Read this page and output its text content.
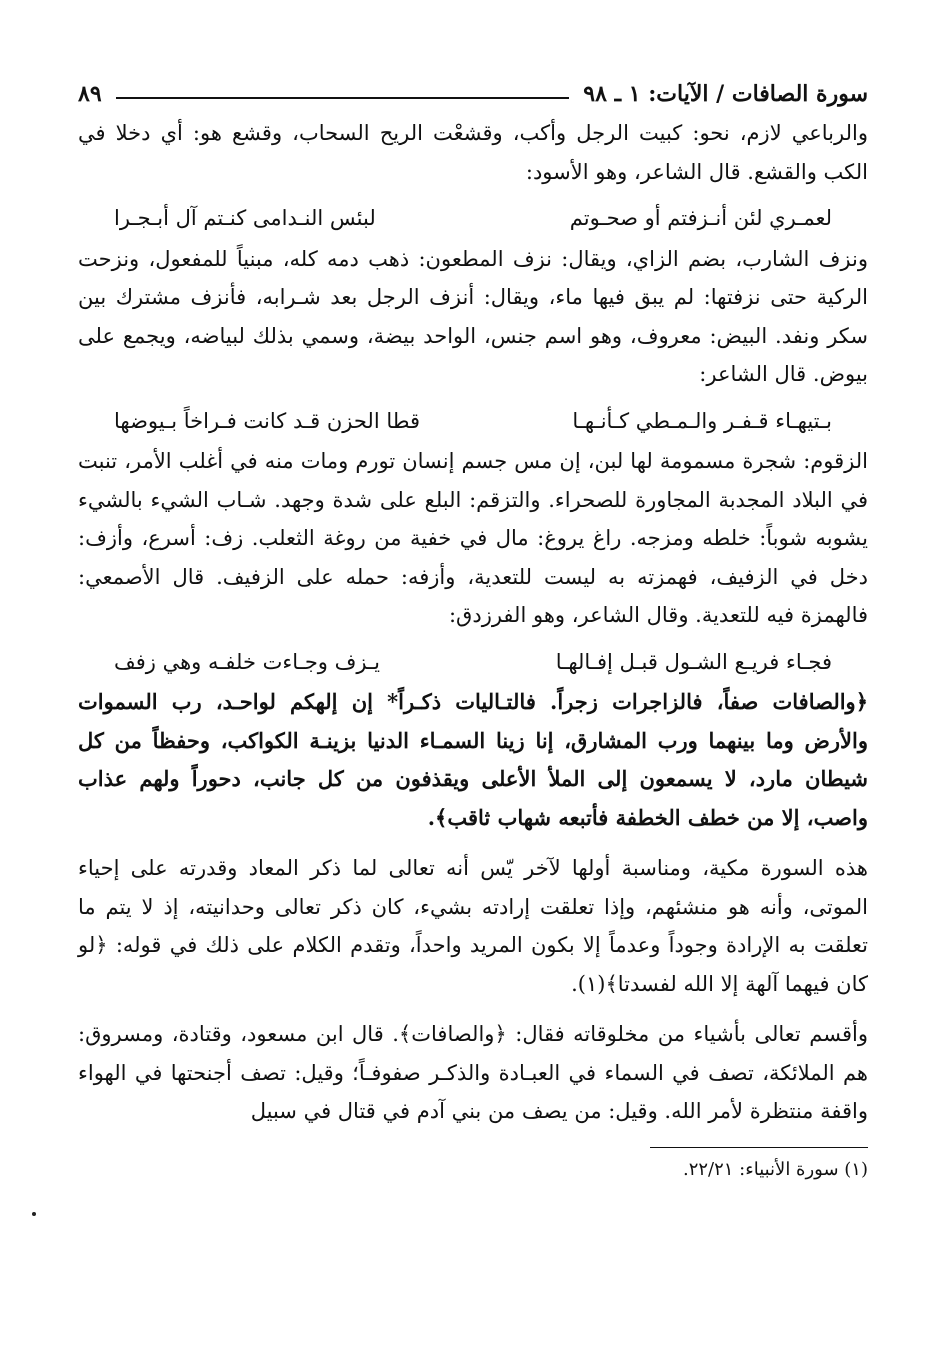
سورة الصافات / الآيات: ١ ـ ٩٨
٨٩

والرباعي لازم، نحو: كبيت الرجل وأكب، وقشعْت الريح السحاب، وقشع هو: أي دخلا في الكب والقشع. قال الشاعر، وهو الأسود:

لعمـري لئن أنـزفتم أو صحـوتم
لبئس النـدامى كنـتم آل أبـجـرا

ونزف الشارب، بضم الزاي، ويقال: نزف المطعون: ذهب دمه كله، مبنياً للمفعول، ونزحت الركية حتى نزفتها: لم يبق فيها ماء، ويقال: أنزف الرجل بعد شـرابه، فأنزف مشترك بين سكر ونفد. البيض: معروف، وهو اسم جنس، الواحد بيضة، وسمي بذلك لبياضه، ويجمع على بيوض. قال الشاعر:

بـتيهـاء قـفـر والـمـطي كـأنـهـا
قطا الحزن قـد كانت فـراخاً بـيوضها

الزقوم: شجرة مسمومة لها لبن، إن مس جسم إنسان تورم ومات منه في أغلب الأمر، تنبت في البلاد المجدبة المجاورة للصحراء. والتزقم: البلع على شدة وجهد. شـاب الشيء بالشيء يشوبه شوباً: خلطه ومزجه. راغ يروغ: مال في خفية من روغة الثعلب. زف: أسرع، وأزف: دخل في الزفيف، فهمزته به ليست للتعدية، وأزفه: حمله على الزفيف. قال الأصمعي: فالهمزة فيه للتعدية. وقال الشاعر، وهو الفرزدق:

فجـاء فريـع الشـول قبـل إفـالهـا
يـزف وجـاءت خلفـه وهي زفف

﴿والصافات صفاً، فالزاجرات زجراً. فالتـاليات ذكـراً* إن إلهكم لواحـد، رب السموات والأرض وما بينهما ورب المشارق، إنا زينا السمـاء الدنيا بزينـة الكواكب، وحفظاً من كل شيطان مارد، لا يسمعون إلى الملأ الأعلى ويقذفون من كل جانب، دحوراً ولهم عذاب واصب، إلا من خطف الخطفة فأتبعه شهاب ثاقب﴾.

هذه السورة مكية، ومناسبة أولها لآخر يّس أنه تعالى لما ذكر المعاد وقدرته على إحياء الموتى، وأنه هو منشئهم، وإذا تعلقت إرادته بشيء، كان ذكر تعالى وحدانيته، إذ لا يتم ما تعلقت به الإرادة وجوداً وعدماً إلا بكون المريد واحداً، وتقدم الكلام على ذلك في قوله: ﴿لو كان فيهما آلهة إلا الله لفسدتا﴾(١).

وأقسم تعالى بأشياء من مخلوقاته فقال: ﴿والصافات﴾. قال ابن مسعود، وقتادة، ومسروق: هم الملائكة، تصف في السماء في العبـادة والذكـر صفوفـاً؛ وقيل: تصف أجنحتها في الهواء واقفة منتظرة لأمر الله. وقيل: من يصف من بني آدم في قتال في سبيل

(١) سورة الأنبياء: ٢٢/٢١.
